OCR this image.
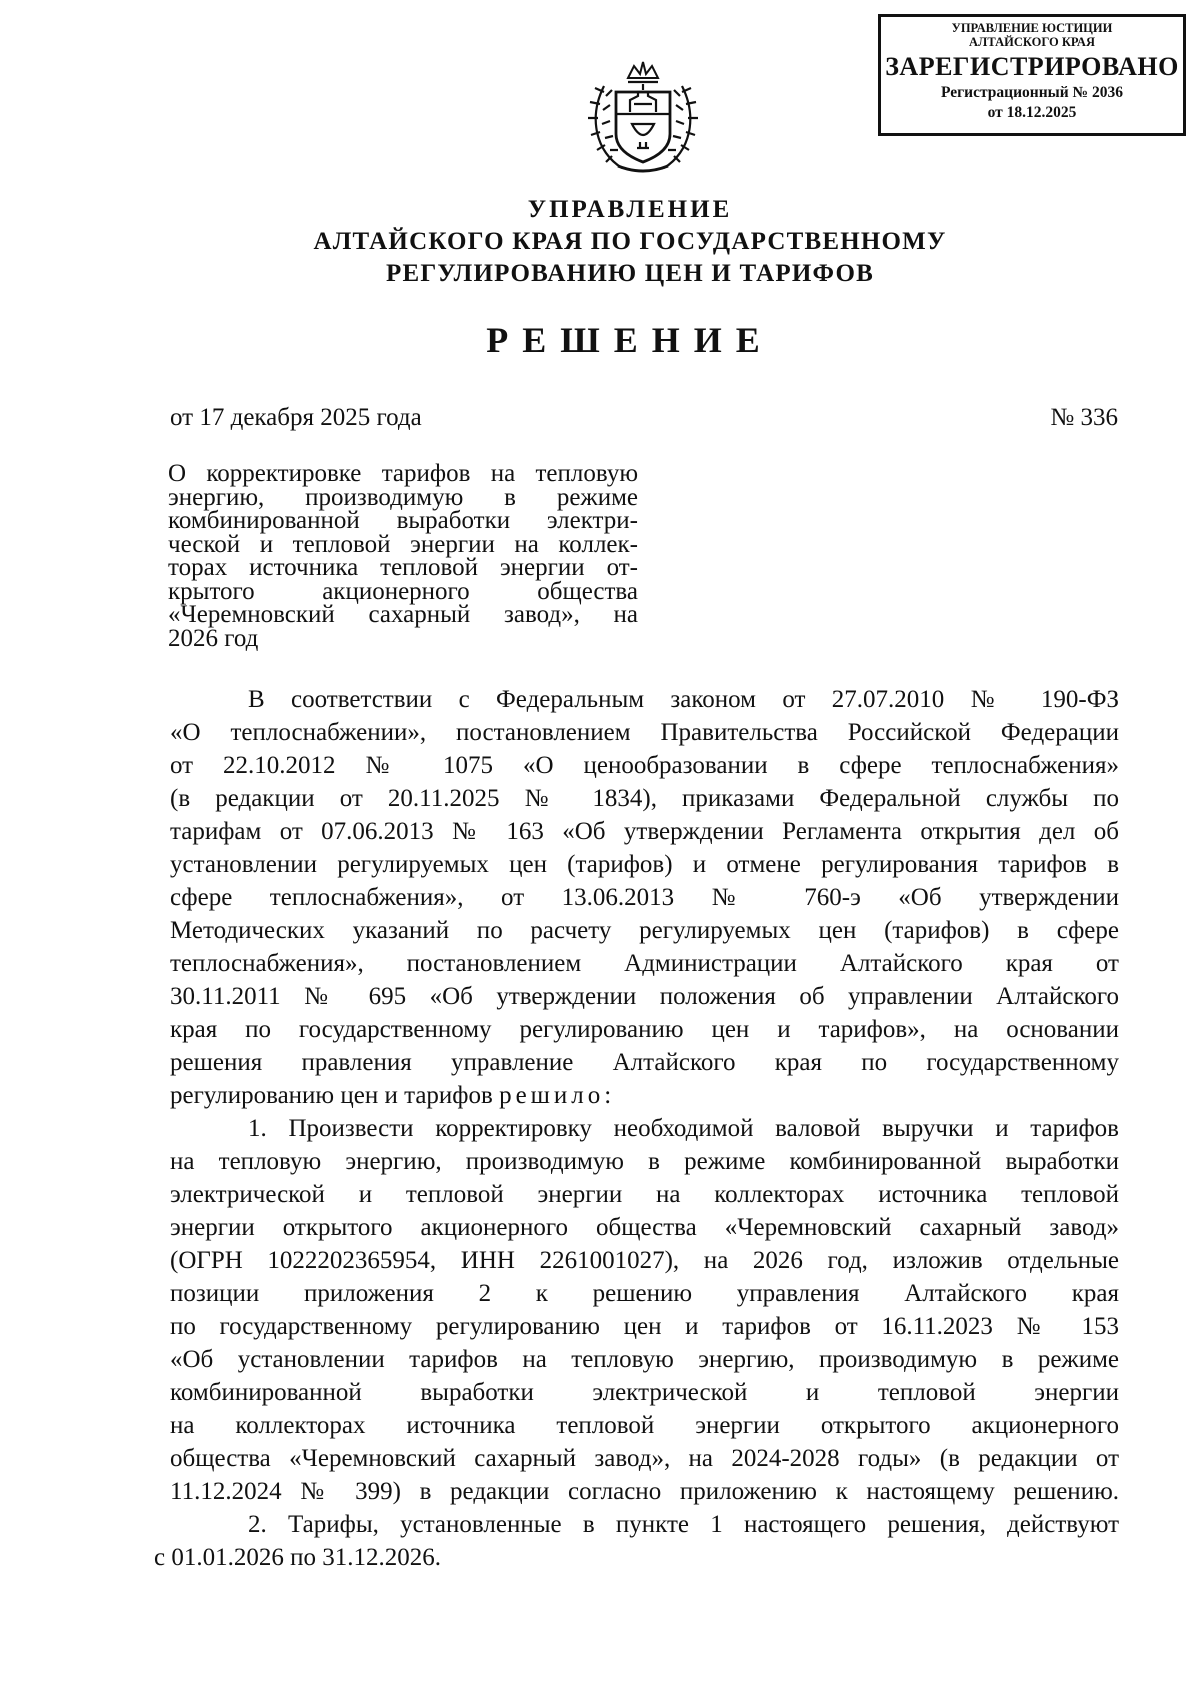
УПРАВЛЕНИЕ ЮСТИЦИИ
АЛТАЙСКОГО КРАЯ
ЗАРЕГИСТРИРОВАНО
Регистрационный № 2036
от 18.12.2025
УПРАВЛЕНИЕ
АЛТАЙСКОГО КРАЯ ПО ГОСУДАРСТВЕННОМУ
РЕГУЛИРОВАНИЮ ЦЕН И ТАРИФОВ
РЕШЕНИЕ
от 17 декабря 2025 года	№ 336
О корректировке тарифов на тепловую
энергию, производимую в режиме
комбинированной выработки электри-
ческой и тепловой энергии на коллек-
торах источника тепловой энергии от-
крытого акционерного общества
«Черемновский сахарный завод», на
2026 год
В соответствии с Федеральным законом от 27.07.2010 № 190-ФЗ
«О теплоснабжении», постановлением Правительства Российской Федерации
от 22.10.2012 № 1075 «О ценообразовании в сфере теплоснабжения»
(в редакции от 20.11.2025 № 1834), приказами Федеральной службы по
тарифам от 07.06.2013 № 163 «Об утверждении Регламента открытия дел об
установлении регулируемых цен (тарифов) и отмене регулирования тарифов в
сфере теплоснабжения», от 13.06.2013 № 760-э «Об утверждении
Методических указаний по расчету регулируемых цен (тарифов) в сфере
теплоснабжения», постановлением Администрации Алтайского края от
30.11.2011 № 695 «Об утверждении положения об управлении Алтайского
края по государственному регулированию цен и тарифов», на основании
решения правления управление Алтайского края по государственному
регулированию цен и тарифов решило:
1. Произвести корректировку необходимой валовой выручки и тарифов
на тепловую энергию, производимую в режиме комбинированной выработки
электрической и тепловой энергии на коллекторах источника тепловой
энергии открытого акционерного общества «Черемновский сахарный завод»
(ОГРН 1022202365954, ИНН 2261001027), на 2026 год, изложив отдельные
позиции приложения 2 к решению управления Алтайского края
по государственному регулированию цен и тарифов от 16.11.2023 № 153
«Об установлении тарифов на тепловую энергию, производимую в режиме
комбинированной выработки электрической и тепловой энергии
на коллекторах источника тепловой энергии открытого акционерного
общества «Черемновский сахарный завод», на 2024-2028 годы» (в редакции от
11.12.2024 № 399) в редакции согласно приложению к настоящему решению.
2. Тарифы, установленные в пункте 1 настоящего решения, действуют
с 01.01.2026 по 31.12.2026.
